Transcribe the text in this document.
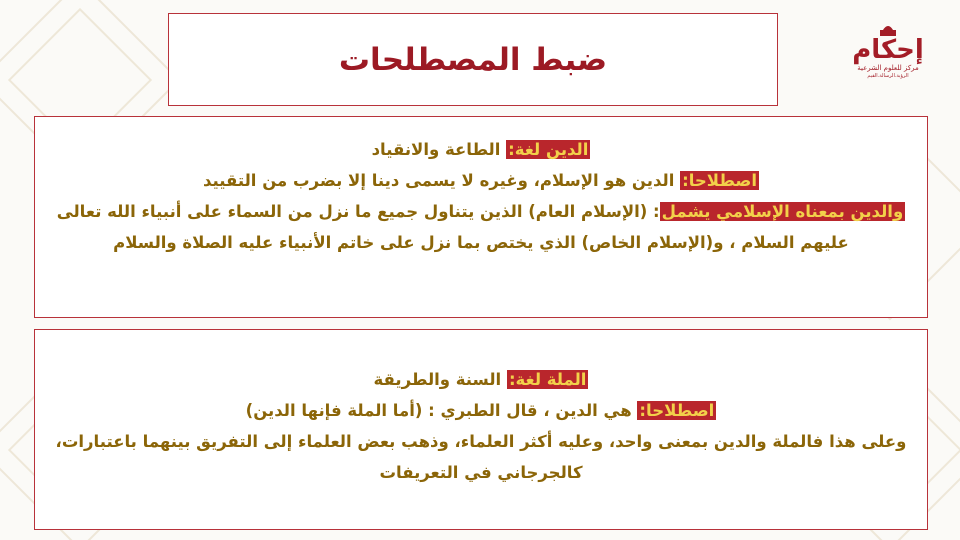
ضبط المصطلحات	إحكام
مركز للعلوم الشرعية
الرؤية.الرسالة.القيم
الدين لغة: الطاعة والانقياد
اصطلاحا: الدين هو الإسلام، وغيره لا يسمى دينا إلا بضرب من التقييد
والدين بمعناه الإسلامي يشمل: (الإسلام العام) الذين يتناول جميع ما نزل من السماء على أنبياء الله تعالى عليهم السلام ، و(الإسلام الخاص) الذي يختص بما نزل على خاتم الأنبياء عليه الصلاة والسلام
الملة لغة: السنة والطريقة
اصطلاحا: هي الدين ، قال الطبري : (أما الملة فإنها الدين)
وعلى هذا فالملة والدين بمعنى واحد، وعليه أكثر العلماء، وذهب بعض العلماء إلى التفريق بينهما باعتبارات، كالجرجاني في التعريفات
